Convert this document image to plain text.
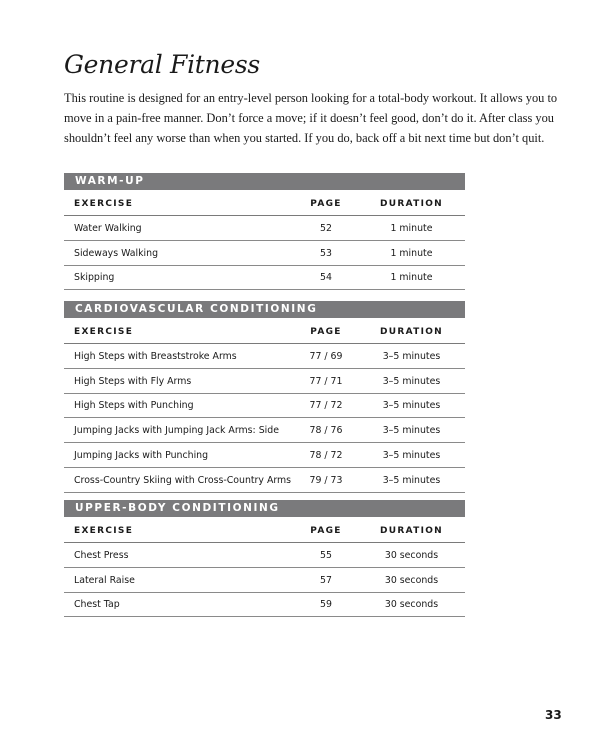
General Fitness

This routine is designed for an entry-level person looking for a total-body workout. It allows you to move in a pain-free manner. Don’t force a move; if it doesn’t feel good, don’t do it. After class you shouldn’t feel any worse than when you started. If you do, back off a bit next time but don’t quit.

WARM-UP
EXERCISE	PAGE	DURATION
Water Walking	52	1 minute
Sideways Walking	53	1 minute
Skipping	54	1 minute
CARDIOVASCULAR CONDITIONING
EXERCISE	PAGE	DURATION
High Steps with Breaststroke Arms	77 / 69	3–5 minutes
High Steps with Fly Arms	77 / 71	3–5 minutes
High Steps with Punching	77 / 72	3–5 minutes
Jumping Jacks with Jumping Jack Arms: Side	78 / 76	3–5 minutes
Jumping Jacks with Punching	78 / 72	3–5 minutes
Cross-Country Skiing with Cross-Country Arms	79 / 73	3–5 minutes
UPPER-BODY CONDITIONING
EXERCISE	PAGE	DURATION
Chest Press	55	30 seconds
Lateral Raise	57	30 seconds
Chest Tap	59	30 seconds
33
